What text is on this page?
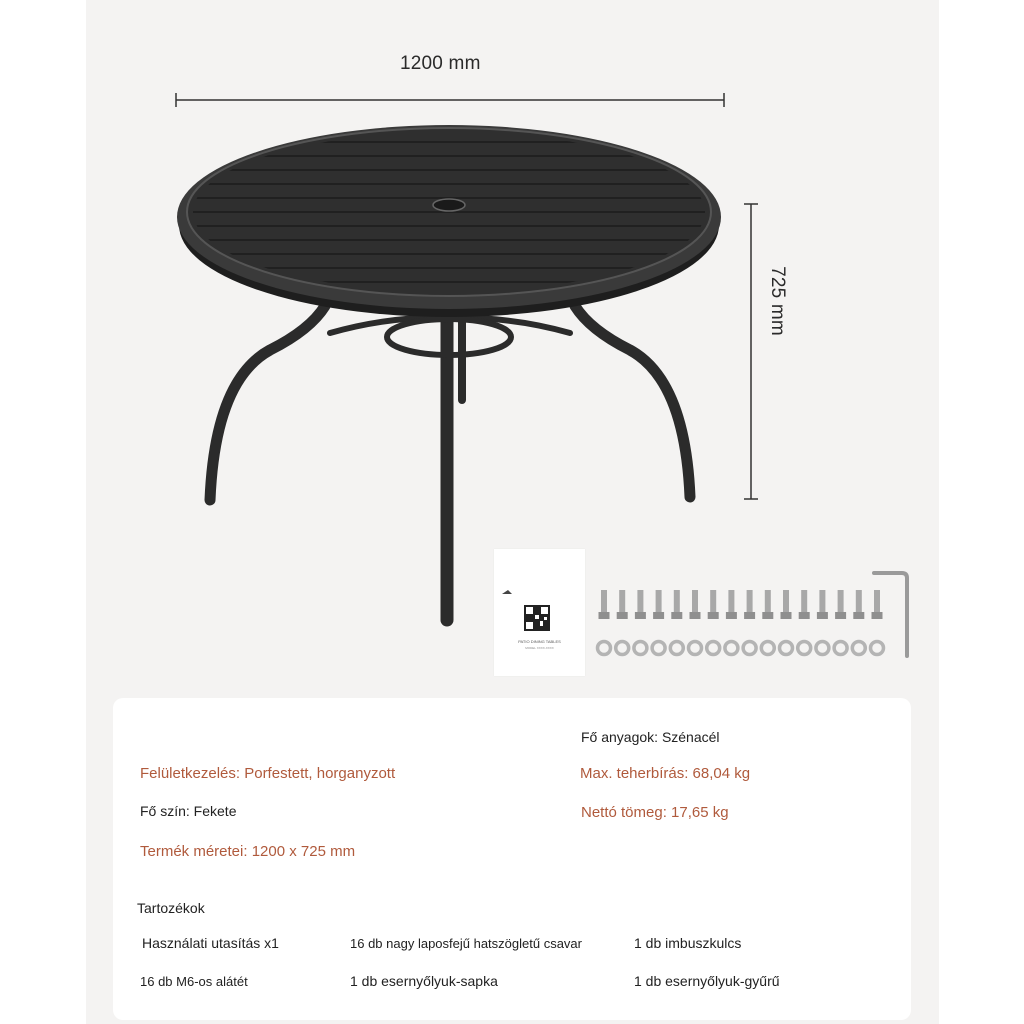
1200 mm
725 mm
PATIO DINING TABLES
MODEL XXXX-XXXX
Fő anyagok: Szénacél
Felületkezelés: Porfestett, horganyzott	Max. teherbírás: 68,04 kg
Fő szín: Fekete	Nettó tömeg: 17,65 kg
Termék méretei: 1200 x 725 mm
Tartozékok
Használati utasítás x1	16 db nagy laposfejű hatszögletű csavar	1 db imbuszkulcs
16 db M6-os alátét	1 db esernyőlyuk-sapka	1 db esernyőlyuk-gyűrű
